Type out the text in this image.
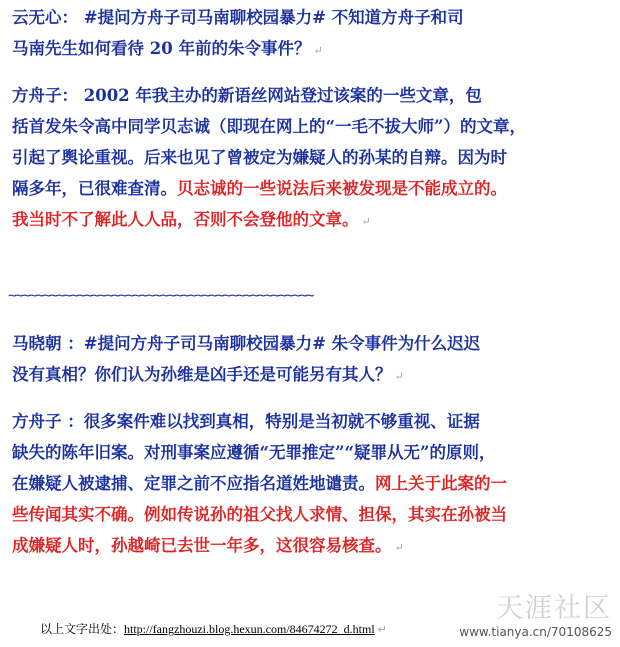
云无心： #提问方舟子司马南聊校园暴力# 不知道方舟子和司
马南先生如何看待 20 年前的朱令事件？ ↵
方舟子： 2002 年我主办的新语丝网站登过该案的一些文章，包
括首发朱令高中同学贝志诚（即现在网上的“一毛不拔大师”）的文章，
引起了舆论重视。后来也见了曾被定为嫌疑人的孙某的自辩。因为时
隔多年，已很难查清。贝志诚的一些说法后来被发现是不能成立的。
我当时不了解此人人品，否则不会登他的文章。 ↵
~~~~~~~~~~~~~~~~~~~~~~~~~~~~~~~~~~~~~~~~~~~~
马晓朝 ：#提问方舟子司马南聊校园暴力# 朱令事件为什么迟迟
没有真相？你们认为孙维是凶手还是可能另有其人？ ↵
方舟子 ：很多案件难以找到真相，特别是当初就不够重视、证据
缺失的陈年旧案。对刑事案应遵循“无罪推定”“疑罪从无”的原则，
在嫌疑人被逮捕、定罪之前不应指名道姓地谴责。网上关于此案的一
些传闻其实不确。例如传说孙的祖父找人求情、担保，其实在孙被当
成嫌疑人时，孙越崎已去世一年多，这很容易核查。 ↵
以上文字出处：http://fangzhouzi.blog.hexun.com/84674272_d.html ↵
天涯社区
www.tianya.cn/70108625
